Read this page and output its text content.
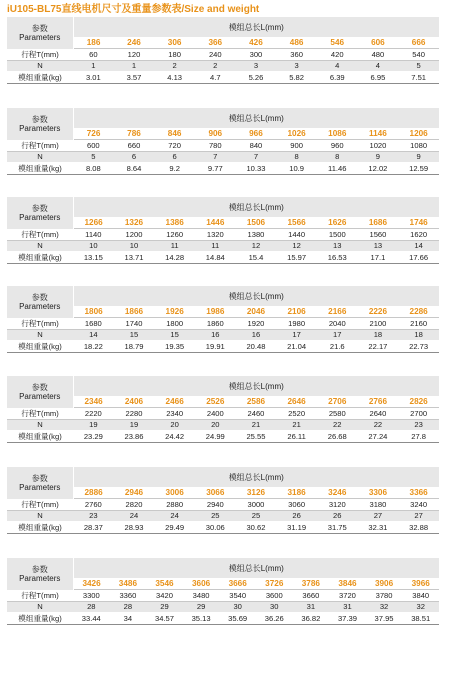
iU105-BL75直线电机尺寸及重量参数表/Size and weight
参数
Parameters	模组总长L(mm)								
	186	246	306	366	426	486	546	606	666
行程T(mm)	60	120	180	240	300	360	420	480	540
N	1	1	2	2	3	3	4	4	5
模组重量(kg)	3.01	3.57	4.13	4.7	5.26	5.82	6.39	6.95	7.51
参数
Parameters	模组总长L(mm)								
	726	786	846	906	966	1026	1086	1146	1206
行程T(mm)	600	660	720	780	840	900	960	1020	1080
N	5	6	6	7	7	8	8	9	9
模组重量(kg)	8.08	8.64	9.2	9.77	10.33	10.9	11.46	12.02	12.59
参数
Parameters	模组总长L(mm)								
	1266	1326	1386	1446	1506	1566	1626	1686	1746
行程T(mm)	1140	1200	1260	1320	1380	1440	1500	1560	1620
N	10	10	11	11	12	12	13	13	14
模组重量(kg)	13.15	13.71	14.28	14.84	15.4	15.97	16.53	17.1	17.66
参数
Parameters	模组总长L(mm)								
	1806	1866	1926	1986	2046	2106	2166	2226	2286
行程T(mm)	1680	1740	1800	1860	1920	1980	2040	2100	2160
N	14	15	15	16	16	17	17	18	18
模组重量(kg)	18.22	18.79	19.35	19.91	20.48	21.04	21.6	22.17	22.73
参数
Parameters	模组总长L(mm)								
	2346	2406	2466	2526	2586	2646	2706	2766	2826
行程T(mm)	2220	2280	2340	2400	2460	2520	2580	2640	2700
N	19	19	20	20	21	21	22	22	23
模组重量(kg)	23.29	23.86	24.42	24.99	25.55	26.11	26.68	27.24	27.8
参数
Parameters	模组总长L(mm)								
	2886	2946	3006	3066	3126	3186	3246	3306	3366
行程T(mm)	2760	2820	2880	2940	3000	3060	3120	3180	3240
N	23	24	24	25	25	26	26	27	27
模组重量(kg)	28.37	28.93	29.49	30.06	30.62	31.19	31.75	32.31	32.88
参数
Parameters	模组总长L(mm)									
	3426	3486	3546	3606	3666	3726	3786	3846	3906	3966
行程T(mm)	3300	3360	3420	3480	3540	3600	3660	3720	3780	3840
N	28	28	29	29	30	30	31	31	32	32
模组重量(kg)	33.44	34	34.57	35.13	35.69	36.26	36.82	37.39	37.95	38.51
